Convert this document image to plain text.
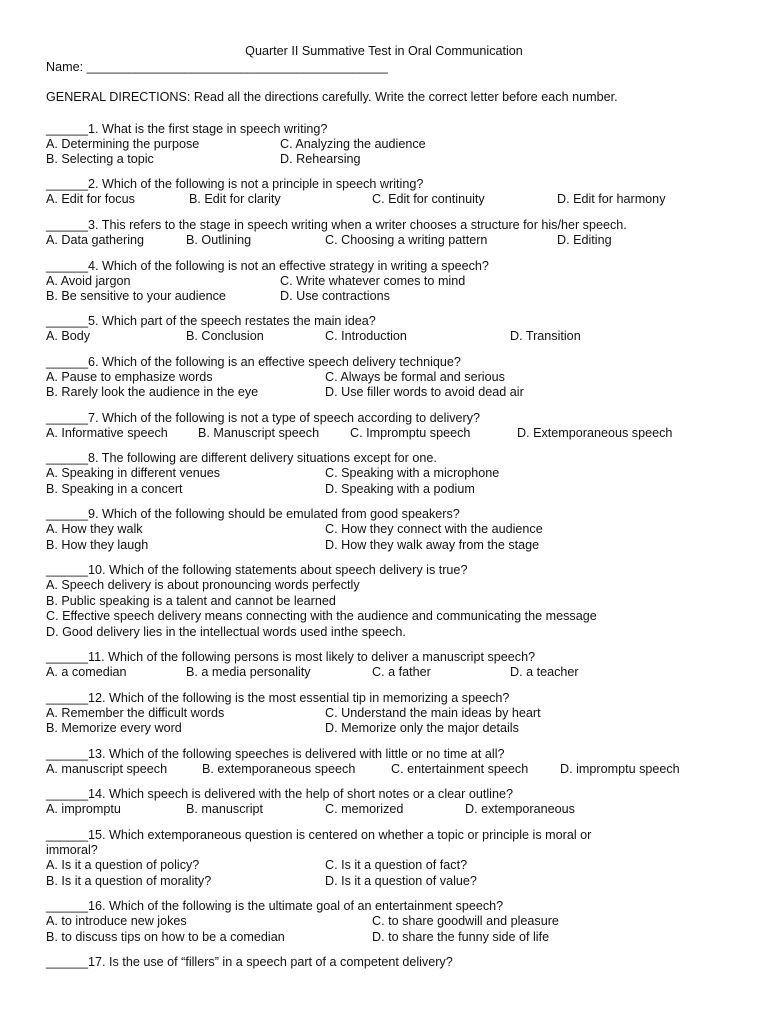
Quarter II Summative Test in Oral Communication
Name: ___________________________________________
GENERAL DIRECTIONS: Read all the directions carefully. Write the correct letter before each number.
______1. What is the first stage in speech writing?
A. Determining the purpose	C. Analyzing the audience
B. Selecting a topic	D. Rehearsing
______2. Which of the following is not a principle in speech writing?
A. Edit for focus	B. Edit for clarity	C. Edit for continuity	D. Edit for harmony
______3. This refers to the stage in speech writing when a writer chooses a structure for his/her speech.
A. Data gathering	B. Outlining	C. Choosing a writing pattern	D. Editing
______4. Which of the following is not an effective strategy in writing a speech?
A. Avoid jargon	C. Write whatever comes to mind
B. Be sensitive to your audience	D. Use contractions
______5. Which part of the speech restates the main idea?
A. Body	B. Conclusion	C. Introduction	D. Transition
______6. Which of the following is an effective speech delivery technique?
A. Pause to emphasize words	C. Always be formal and serious
B. Rarely look the audience in the eye	D. Use filler words to avoid dead air
______7. Which of the following is not a type of speech according to delivery?
A. Informative speech B. Manuscript speech C. Impromptu speech	D. Extemporaneous speech
______8. The following are different delivery situations except for one.
A. Speaking in different venues	C. Speaking with a microphone
B. Speaking in a concert	D. Speaking with a podium
______9. Which of the following should be emulated from good speakers?
A. How they walk	C. How they connect with the audience
B. How they laugh	D. How they walk away from the stage
______10. Which of the following statements about speech delivery is true?
A. Speech delivery is about pronouncing words perfectly
B. Public speaking is a talent and cannot be learned
C. Effective speech delivery means connecting with the audience and communicating the message
D. Good delivery lies in the intellectual words used inthe speech.
______11. Which of the following persons is most likely to deliver a manuscript speech?
A. a comedian	B. a media personality	C. a father	D. a teacher
______12. Which of the following is the most essential tip in memorizing a speech?
A. Remember the difficult words	C. Understand the main ideas by heart
B. Memorize every word	D. Memorize only the major details
______13. Which of the following speeches is delivered with little or no time at all?
A. manuscript speech	B. extemporaneous speech	C. entertainment speech	D. impromptu speech
______14. Which speech is delivered with the help of short notes or a clear outline?
A. impromptu	B. manuscript	C. memorized	D. extemporaneous
______15. Which extemporaneous question is centered on whether a topic or principle is moral or
immoral?
A. Is it a question of policy?	C. Is it a question of fact?
B. Is it a question of morality?	D. Is it a question of value?
______16. Which of the following is the ultimate goal of an entertainment speech?
A. to introduce new jokes	C. to share goodwill and pleasure
B. to discuss tips on how to be a comedian	D. to share the funny side of life
______17. Is the use of “fillers” in a speech part of a competent delivery?
